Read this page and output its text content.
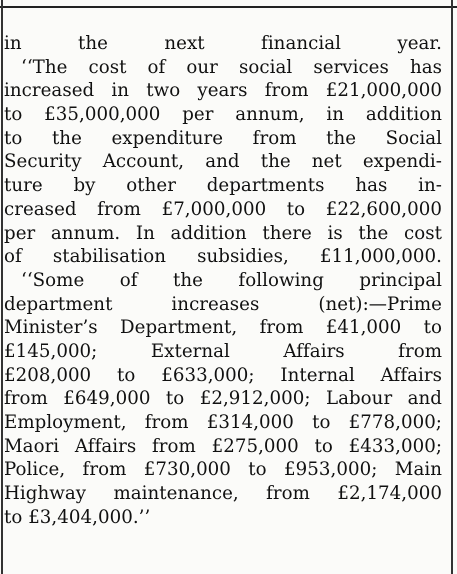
in the next financial year.
‘‘The cost of our social services has
increased in two years from £21,000,000
to £35,000,000 per annum, in addition
to the expenditure from the Social
Security Account, and the net expendi-
ture by other departments has in-
creased from £7,000,000 to £22,600,000
per annum. In addition there is the cost
of stabilisation subsidies, £11,000,000.
‘‘Some of the following principal
department increases (net):—Prime
Minister’s Department, from £41,000 to
£145,000; External Affairs from
£208,000 to £633,000; Internal Affairs
from £649,000 to £2,912,000; Labour and
Employment, from £314,000 to £778,000;
Maori Affairs from £275,000 to £433,000;
Police, from £730,000 to £953,000; Main
Highway maintenance, from £2,174,000
to £3,404,000.’’
